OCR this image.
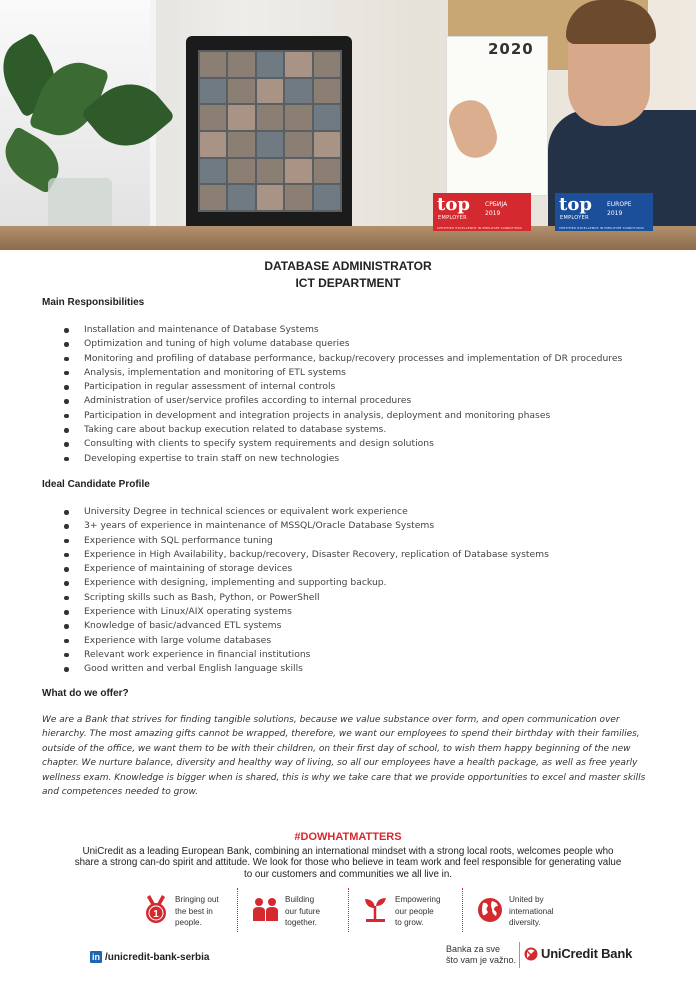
2020
top
EMPLOYER
СРБИЈА
2019
CERTIFIED EXCELLENCE IN EMPLOYEE CONDITIONS
top
EMPLOYER
EUROPE
2019
CERTIFIED EXCELLENCE IN EMPLOYEE CONDITIONS
DATABASE ADMINISTRATOR
ICT DEPARTMENT
Main Responsibilities
Installation and maintenance of Database Systems
Optimization and tuning of high volume database queries
Monitoring and profiling of database performance, backup/recovery processes and implementation of DR procedures
Analysis, implementation and monitoring of ETL systems
Participation in regular assessment of internal controls
Administration of user/service profiles according to internal procedures
Participation in development and integration projects in analysis, deployment and monitoring phases
Taking care about backup execution related to database systems.
Consulting with clients to specify system requirements and design solutions
Developing expertise to train staff on new technologies
Ideal Candidate Profile
University Degree in technical sciences or equivalent work experience
3+ years of experience in maintenance of MSSQL/Oracle Database Systems
Experience with SQL performance tuning
Experience in High Availability, backup/recovery, Disaster Recovery, replication of Database systems
Experience of maintaining of storage devices
Experience with designing, implementing and supporting backup.
Scripting skills such as Bash, Python, or PowerShell
Experience with Linux/AIX operating systems
Knowledge of basic/advanced ETL systems
Experience with large volume databases
Relevant work experience in financial institutions
Good written and verbal English language skills
What do we offer?
We are a Bank that strives for finding tangible solutions, because we value substance over form, and open communication over hierarchy. The most amazing gifts cannot be wrapped, therefore, we want our employees to spend their birthday with their families, outside of the office, we want them to be with their children, on their first day of school, to wish them happy beginning of the new chapter. We nurture balance, diversity and healthy way of living, so all our employees have a health package, as well as free yearly wellness exam. Knowledge is bigger when is shared, this is why we take care that we provide opportunities to excel and master skills and competences needed to grow.
#DOWHATMATTERS
UniCredit as a leading European Bank, combining an international mindset with a strong local roots, welcomes people who share a strong can-do spirit and attitude. We look for those who believe in team work and feel responsible for generating value to our customers and communities we all live in.
1
Bringing out
the best in
people.
Building
our future
together.
Empowering
our people
to grow.
United by
international
diversity.
in /unicredit-bank-serbia
Banka za sve
što vam je važno. UniCredit Bank
